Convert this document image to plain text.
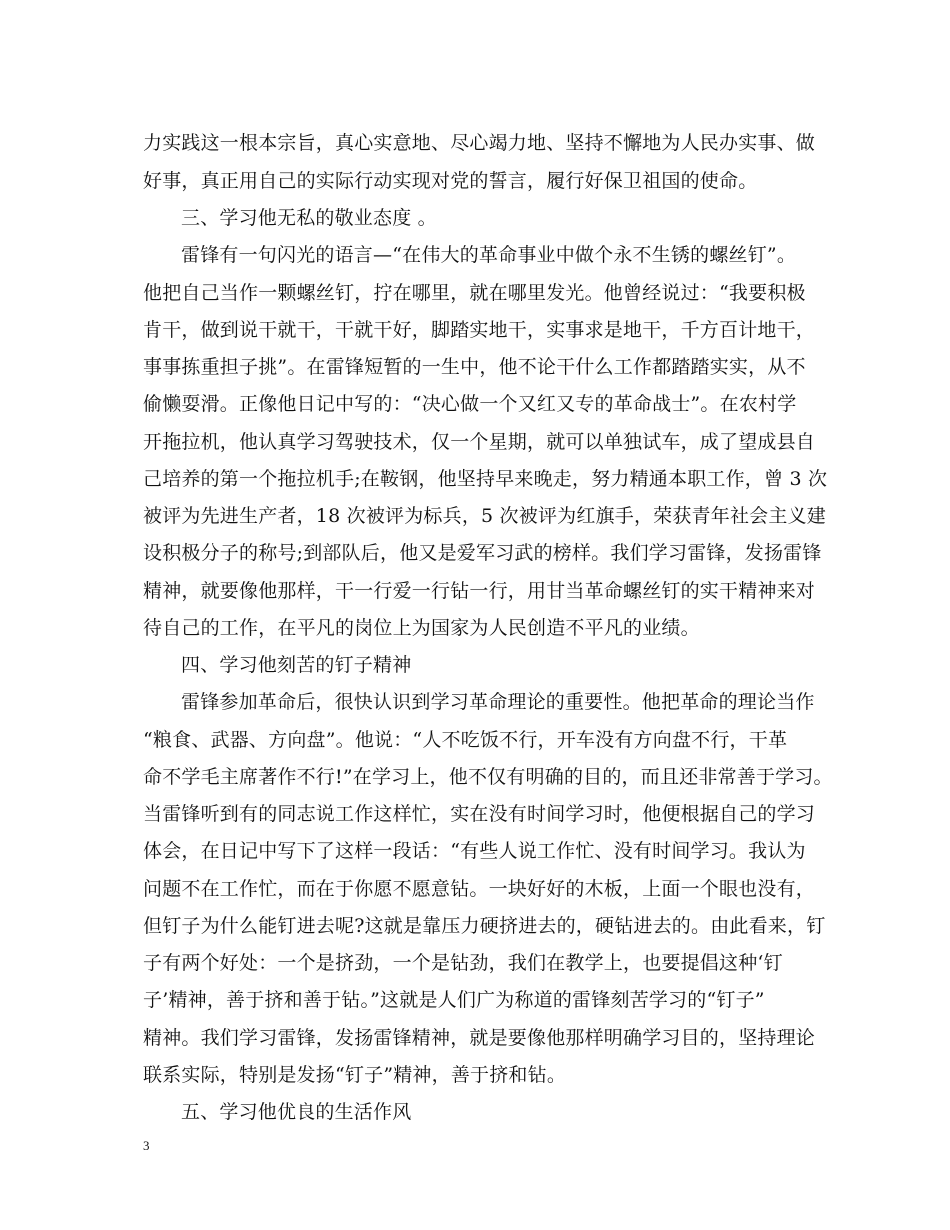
力实践这一根本宗旨，真心实意地、尽心竭力地、坚持不懈地为人民办实事、做
好事，真正用自己的实际行动实现对党的誓言，履行好保卫祖国的使命。
三、学习他无私的敬业态度 。
雷锋有一句闪光的语言—“在伟大的革命事业中做个永不生锈的螺丝钉”。
他把自己当作一颗螺丝钉，拧在哪里，就在哪里发光。他曾经说过：“我要积极
肯干，做到说干就干，干就干好，脚踏实地干，实事求是地干，千方百计地干，
事事拣重担子挑”。在雷锋短暂的一生中，他不论干什么工作都踏踏实实，从不
偷懒耍滑。正像他日记中写的：“决心做一个又红又专的革命战士”。在农村学
开拖拉机，他认真学习驾驶技术，仅一个星期，就可以单独试车，成了望成县自
己培养的第一个拖拉机手;在鞍钢，他坚持早来晚走，努力精通本职工作，曾 3 次
被评为先进生产者，18 次被评为标兵，5 次被评为红旗手，荣获青年社会主义建
设积极分子的称号;到部队后，他又是爱军习武的榜样。我们学习雷锋，发扬雷锋
精神，就要像他那样，干一行爱一行钻一行，用甘当革命螺丝钉的实干精神来对
待自己的工作，在平凡的岗位上为国家为人民创造不平凡的业绩。
四、学习他刻苦的钉子精神
雷锋参加革命后，很快认识到学习革命理论的重要性。他把革命的理论当作
“粮食、武器、方向盘”。他说：“人不吃饭不行，开车没有方向盘不行，干革
命不学毛主席著作不行!”在学习上，他不仅有明确的目的，而且还非常善于学习。
当雷锋听到有的同志说工作这样忙，实在没有时间学习时，他便根据自己的学习
体会，在日记中写下了这样一段话：“有些人说工作忙、没有时间学习。我认为
问题不在工作忙，而在于你愿不愿意钻。一块好好的木板，上面一个眼也没有，
但钉子为什么能钉进去呢?这就是靠压力硬挤进去的，硬钻进去的。由此看来，钉
子有两个好处：一个是挤劲，一个是钻劲，我们在教学上，也要提倡这种‘钉
子’精神，善于挤和善于钻。”这就是人们广为称道的雷锋刻苦学习的“钉子”
精神。我们学习雷锋，发扬雷锋精神，就是要像他那样明确学习目的，坚持理论
联系实际，特别是发扬“钉子”精神，善于挤和钻。
五、学习他优良的生活作风
3
